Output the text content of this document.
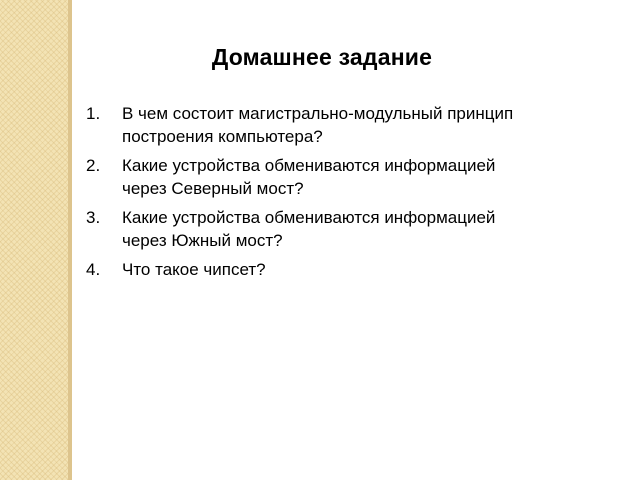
Домашнее задание
1. В чем состоит магистрально-модульный принцип
построения компьютера?
2. Какие устройства обмениваются информацией
через Северный мост?
3. Какие устройства обмениваются информацией
через Южный мост?
4. Что такое чипсет?
